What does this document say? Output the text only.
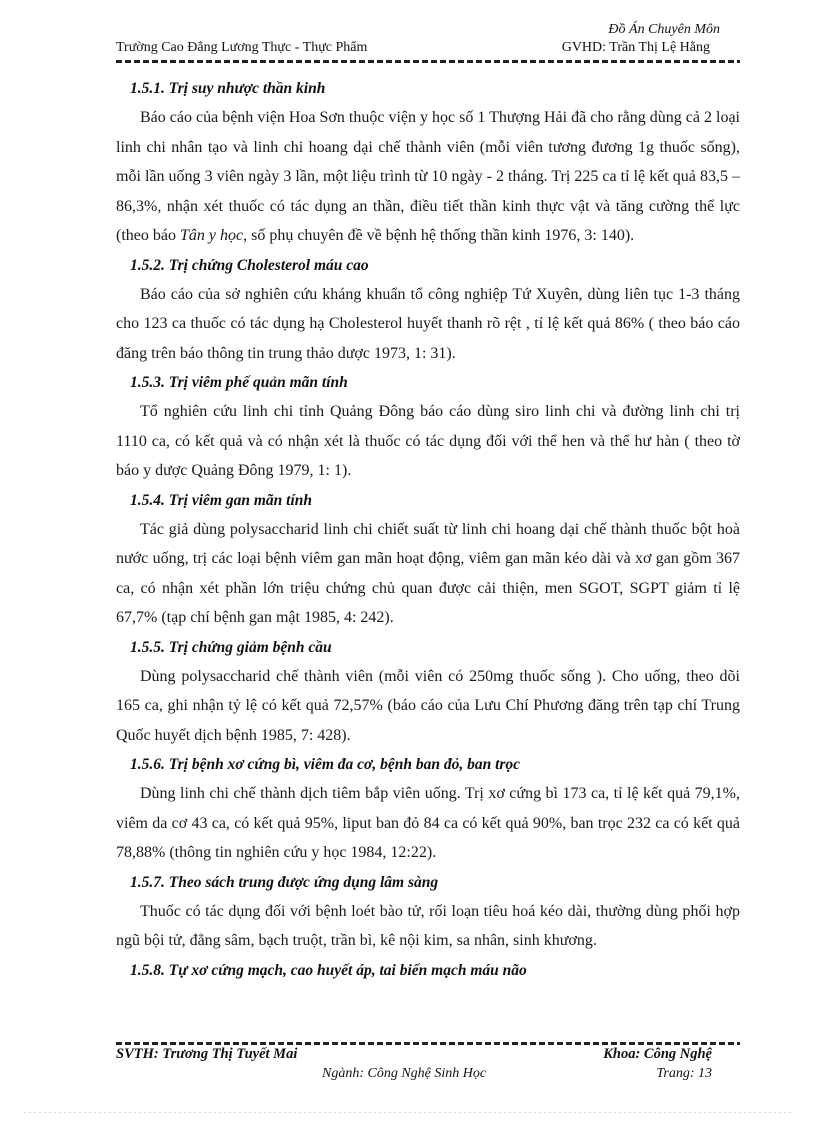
Đồ Án Chuyên Môn
Trường Cao Đẳng Lương Thực - Thực Phẩm	GVHD: Trần Thị Lệ Hằng
1.5.1. Trị suy nhược thần kinh

Báo cáo của bệnh viện Hoa Sơn thuộc viện y học số 1 Thượng Hải đã cho rằng dùng cả 2 loại linh chi nhân tạo và linh chi hoang dại chế thành viên (mỗi viên tương đương 1g thuốc sống), mỗi lần uống 3 viên ngày 3 lần, một liệu trình từ 10 ngày - 2 tháng. Trị 225 ca tỉ lệ kết quả 83,5 – 86,3%, nhận xét thuốc có tác dụng an thần, điều tiết thần kinh thực vật và tăng cường thể lực (theo báo Tân y học, số phụ chuyên đề về bệnh hệ thống thần kinh 1976, 3: 140).

1.5.2. Trị chứng Cholesterol máu cao

Báo cáo của sở nghiên cứu kháng khuẩn tổ công nghiệp Tứ Xuyên, dùng liên tục 1-3 tháng cho 123 ca thuốc có tác dụng hạ Cholesterol huyết thanh rõ rệt , tỉ lệ kết quả 86% ( theo báo cáo đăng trên báo thông tin trung thảo dược 1973, 1: 31).

1.5.3. Trị viêm phế quản mãn tính

Tổ nghiên cứu linh chi tỉnh Quảng Đông báo cáo dùng siro linh chi và đường linh chi trị 1110 ca, có kết quả và có nhận xét là thuốc có tác dụng đối với thể hen và thể hư hàn ( theo tờ báo y dược Quảng Đông 1979, 1: 1).

1.5.4. Trị viêm gan mãn tính

Tác giả dùng polysaccharid linh chi chiết suất từ linh chi hoang dại chế thành thuốc bột hoà nước uống, trị các loại bệnh viêm gan mãn hoạt động, viêm gan mãn kéo dài và xơ gan gồm 367 ca, có nhận xét phần lớn triệu chứng chủ quan được cải thiện, men SGOT, SGPT giảm tỉ lệ 67,7% (tạp chí bệnh gan mật 1985, 4: 242).

1.5.5. Trị chứng giảm bệnh cầu

Dùng polysaccharid chế thành viên (mỗi viên có 250mg thuốc sống ). Cho uống, theo dõi 165 ca, ghi nhận tỷ lệ có kết quả 72,57% (báo cáo của Lưu Chí Phương đăng trên tạp chí Trung Quốc huyết dịch bệnh 1985, 7: 428).

1.5.6. Trị bệnh xơ cứng bì, viêm đa cơ, bệnh ban đỏ, ban trọc

Dùng linh chi chế thành dịch tiêm bắp viên uống. Trị xơ cứng bì 173 ca, tỉ lệ kết quả 79,1%, viêm da cơ 43 ca, có kết quả 95%, liput ban đỏ 84 ca có kết quả 90%, ban trọc 232 ca có kết quả 78,88% (thông tin nghiên cứu y học 1984, 12:22).

1.5.7. Theo sách trung được ứng dụng lâm sàng

Thuốc có tác dụng đối với bệnh loét bào tử, rối loạn tiêu hoá kéo dài, thường dùng phối hợp ngũ bội tử, đẳng sâm, bạch truột, trần bì, kê nội kim, sa nhân, sinh khương.

1.5.8. Tự xơ cứng mạch, cao huyết áp, tai biến mạch máu não
SVTH: Trương Thị Tuyết Mai	Khoa: Công Nghệ
Ngành: Công Nghệ Sinh Học	Trang: 13
